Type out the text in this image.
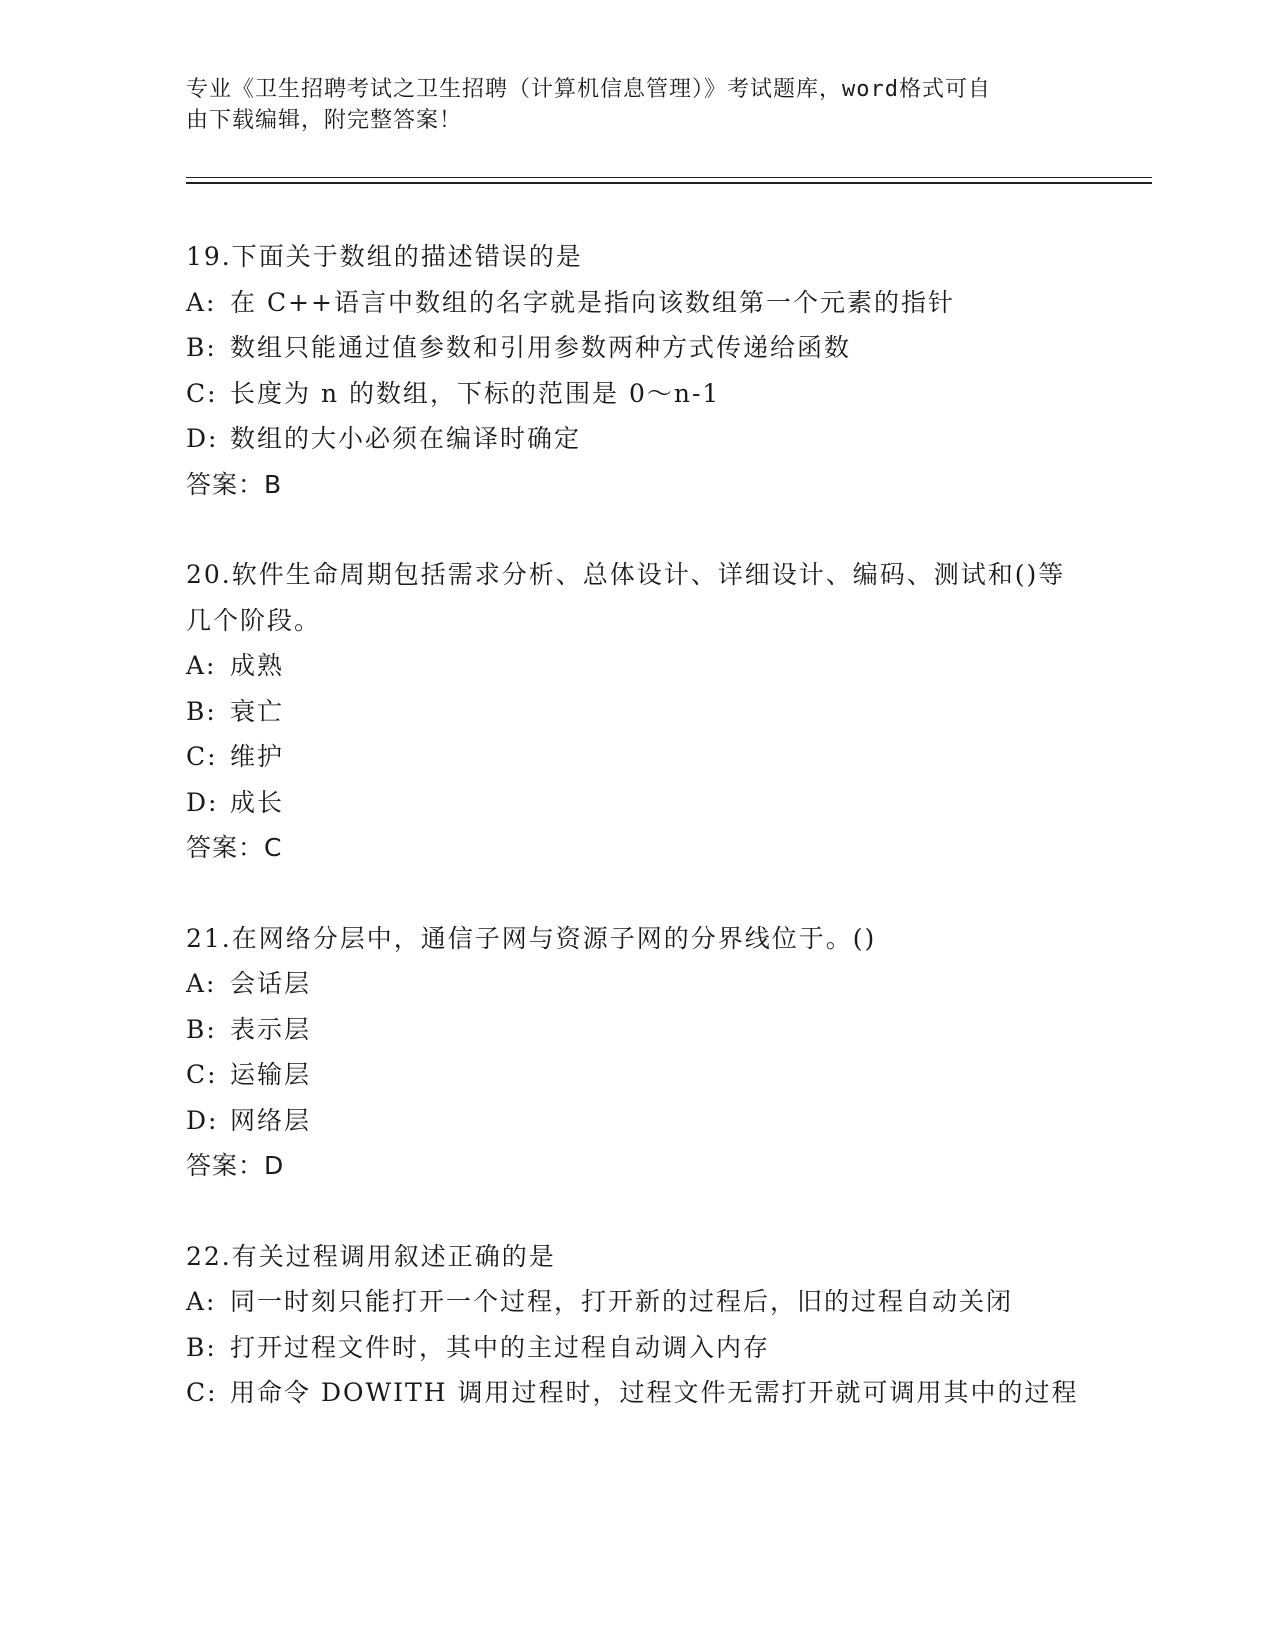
专业《卫生招聘考试之卫生招聘（计算机信息管理）》考试题库，word格式可自
由下载编辑，附完整答案！
19.下面关于数组的描述错误的是
A: 在 C++语言中数组的名字就是指向该数组第一个元素的指针
B: 数组只能通过值参数和引用参数两种方式传递给函数
C: 长度为 n 的数组，下标的范围是 0～n-1
D: 数组的大小必须在编译时确定
答案：B
20.软件生命周期包括需求分析、总体设计、详细设计、编码、测试和()等几个阶段。
A: 成熟
B: 衰亡
C: 维护
D: 成长
答案：C
21.在网络分层中，通信子网与资源子网的分界线位于。()
A: 会话层
B: 表示层
C: 运输层
D: 网络层
答案：D
22.有关过程调用叙述正确的是
A: 同一时刻只能打开一个过程，打开新的过程后，旧的过程自动关闭
B: 打开过程文件时，其中的主过程自动调入内存
C: 用命令 DOWITH 调用过程时，过程文件无需打开就可调用其中的过程
